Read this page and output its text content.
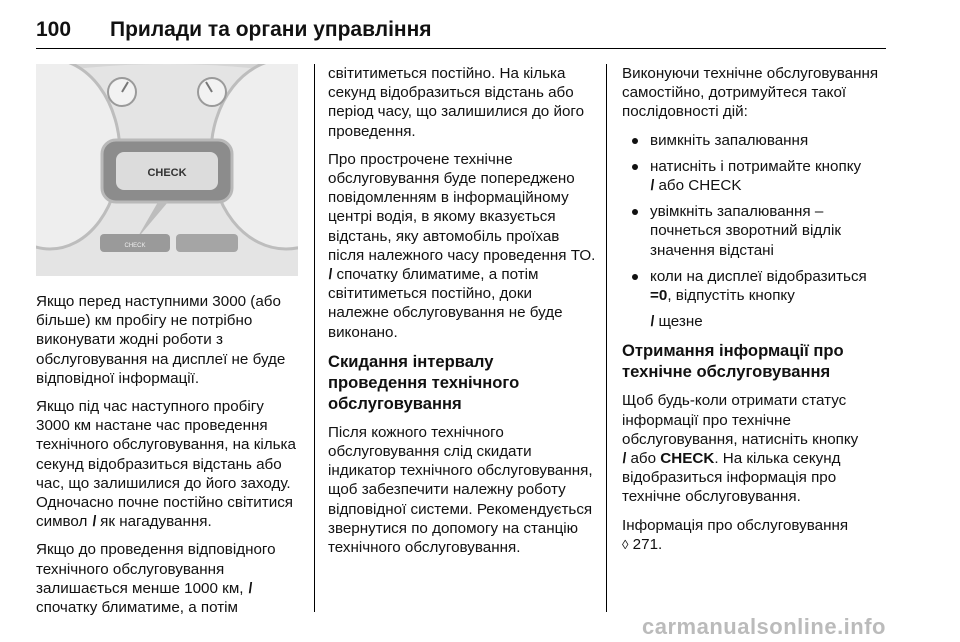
100 Прилади та органи управління
CHECK
CHECK

Якщо перед наступними 3000 (або більше) км пробігу не потрібно виконувати жодні роботи з обслуговування на дисплеї не буде відповідної інформації.

Якщо під час наступного пробігу 3000 км настане час проведення технічного обслуговування, на кілька секунд відобразиться відстань або час, що залишилися до його заходу. Одночасно почне постійно світитися символ \ як нагадування.

Якщо до проведення відповідного технічного обслуговування залишається менше 1000 км, \
спочатку блиматиме, а потім

світитиметься постійно. На кілька секунд відобразиться відстань або період часу, що залишилися до його проведення.

Про прострочене технічне обслуговування буде попереджено повідомленням в інформаційному центрі водія, в якому вказується відстань, яку автомобіль проїхав після належного часу проведення ТО. \ спочатку блиматиме, а потім світитиметься постійно, доки належне обслуговування не буде виконано.

Скидання інтервалу проведення технічного обслуговування

Після кожного технічного обслуговування слід скидати індикатор технічного обслуговування, щоб забезпечити належну роботу відповідної системи. Рекомендується звернутися по допомогу на станцію технічного обслуговування.

Виконуючи технічне обслуговування самостійно, дотримуйтеся такої послідовності дій:

вимкніть запалювання
натисніть і потримайте кнопку
\ або CHECK
увімкніть запалювання – почнеться зворотний відлік значення відстані
коли на дисплеї відобразиться
=0, відпустіть кнопку

\ щезне

Отримання інформації про технічне обслуговування

Щоб будь-коли отримати статус інформації про технічне обслуговування, натисніть кнопку
\ або CHECK. На кілька секунд відобразиться інформація про технічне обслуговування.

Інформація про обслуговування
◊ 271.

carmanualsonline.info
